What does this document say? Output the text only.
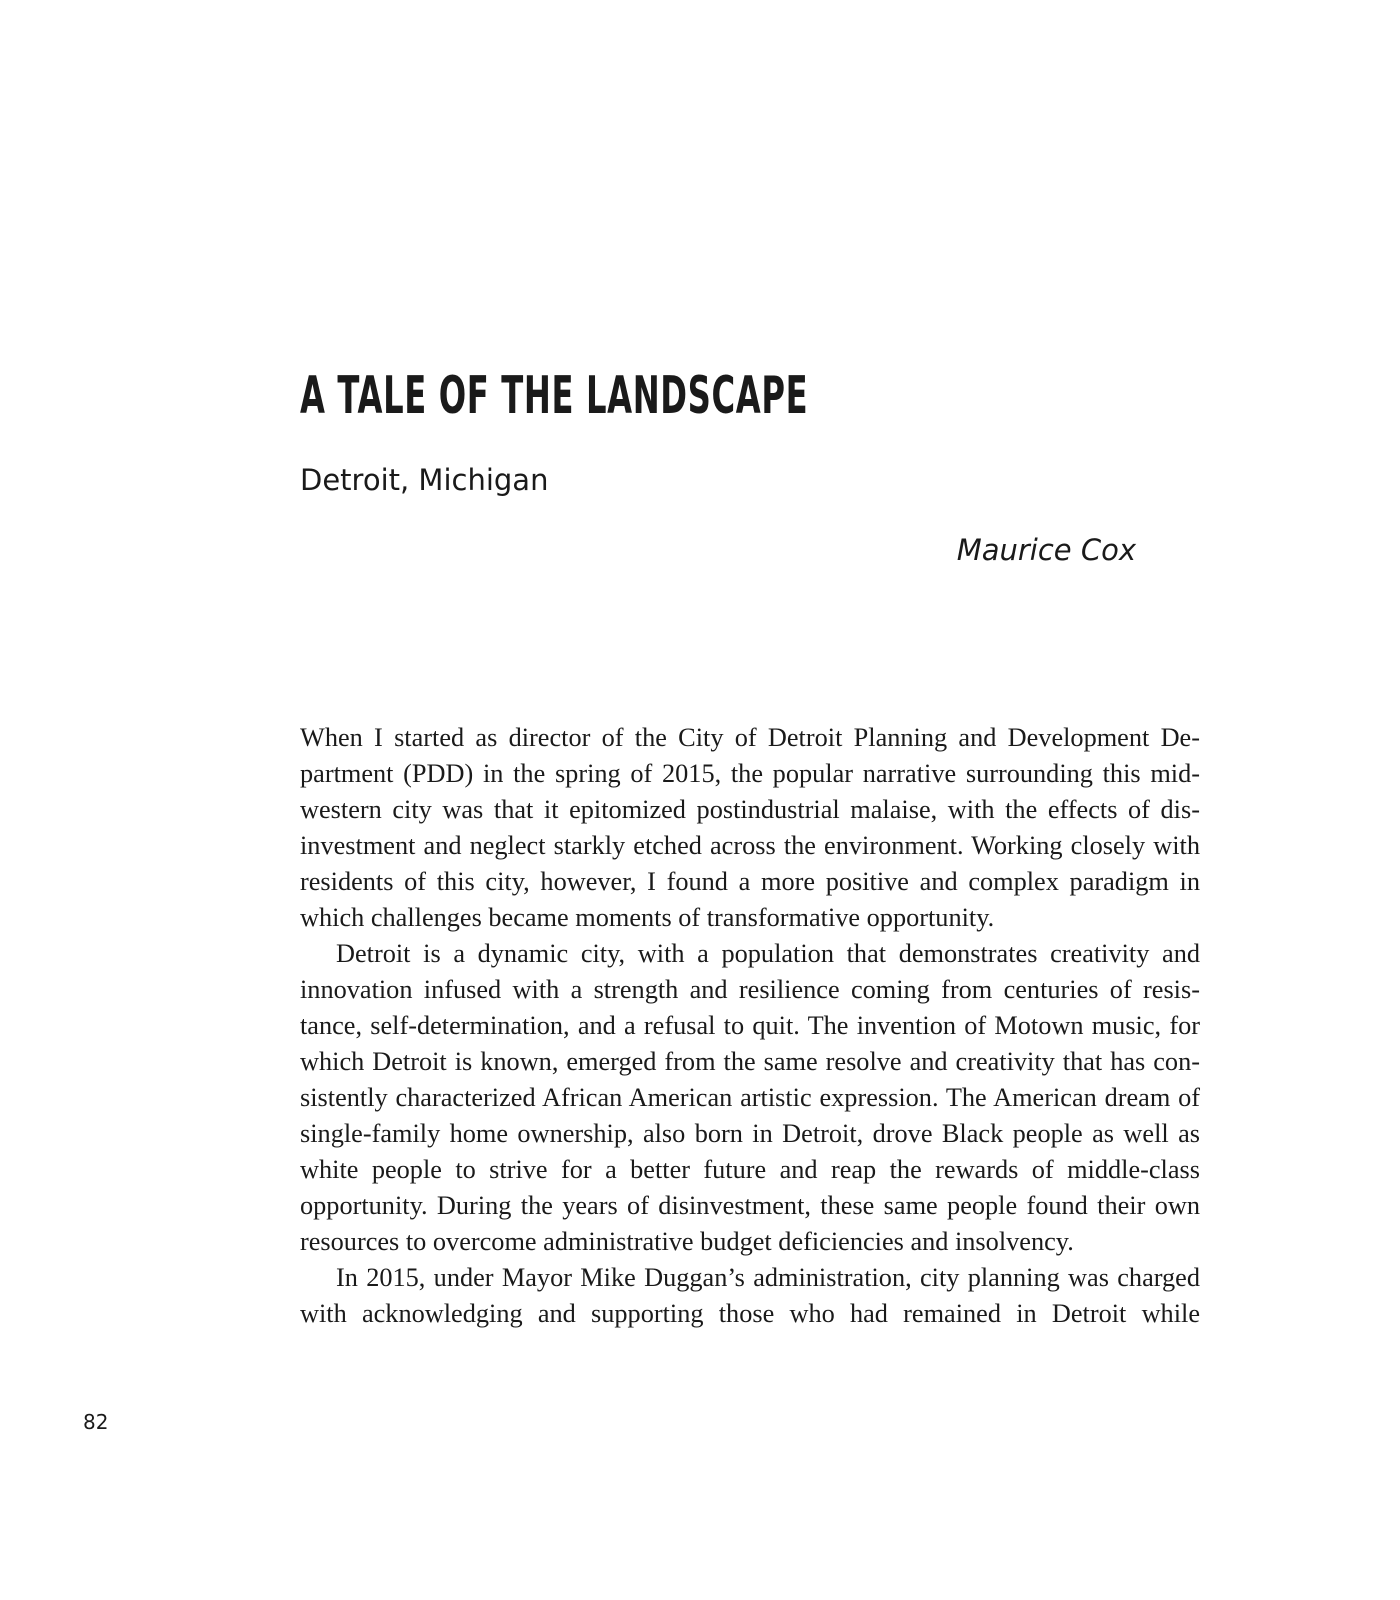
A TALE OF THE LANDSCAPE
Detroit, Michigan

Maurice Cox

When I started as director of the City of Detroit Planning and Development Department (PDD) in the spring of 2015, the popular narrative surrounding this midwestern city was that it epitomized postindustrial malaise, with the effects of disinvestment and neglect starkly etched across the environment. Working closely with residents of this city, however, I found a more positive and complex paradigm in which challenges became moments of transformative opportunity.

Detroit is a dynamic city, with a population that demonstrates creativity and innovation infused with a strength and resilience coming from centuries of resistance, self-determination, and a refusal to quit. The invention of Motown music, for which Detroit is known, emerged from the same resolve and creativity that has consistently characterized African American artistic expression. The American dream of single-family home ownership, also born in Detroit, drove Black people as well as white people to strive for a better future and reap the rewards of middle-class opportunity. During the years of disinvestment, these same people found their own resources to overcome administrative budget deficiencies and insolvency.

In 2015, under Mayor Mike Duggan’s administration, city planning was charged with acknowledging and supporting those who had remained in Detroit while

82
